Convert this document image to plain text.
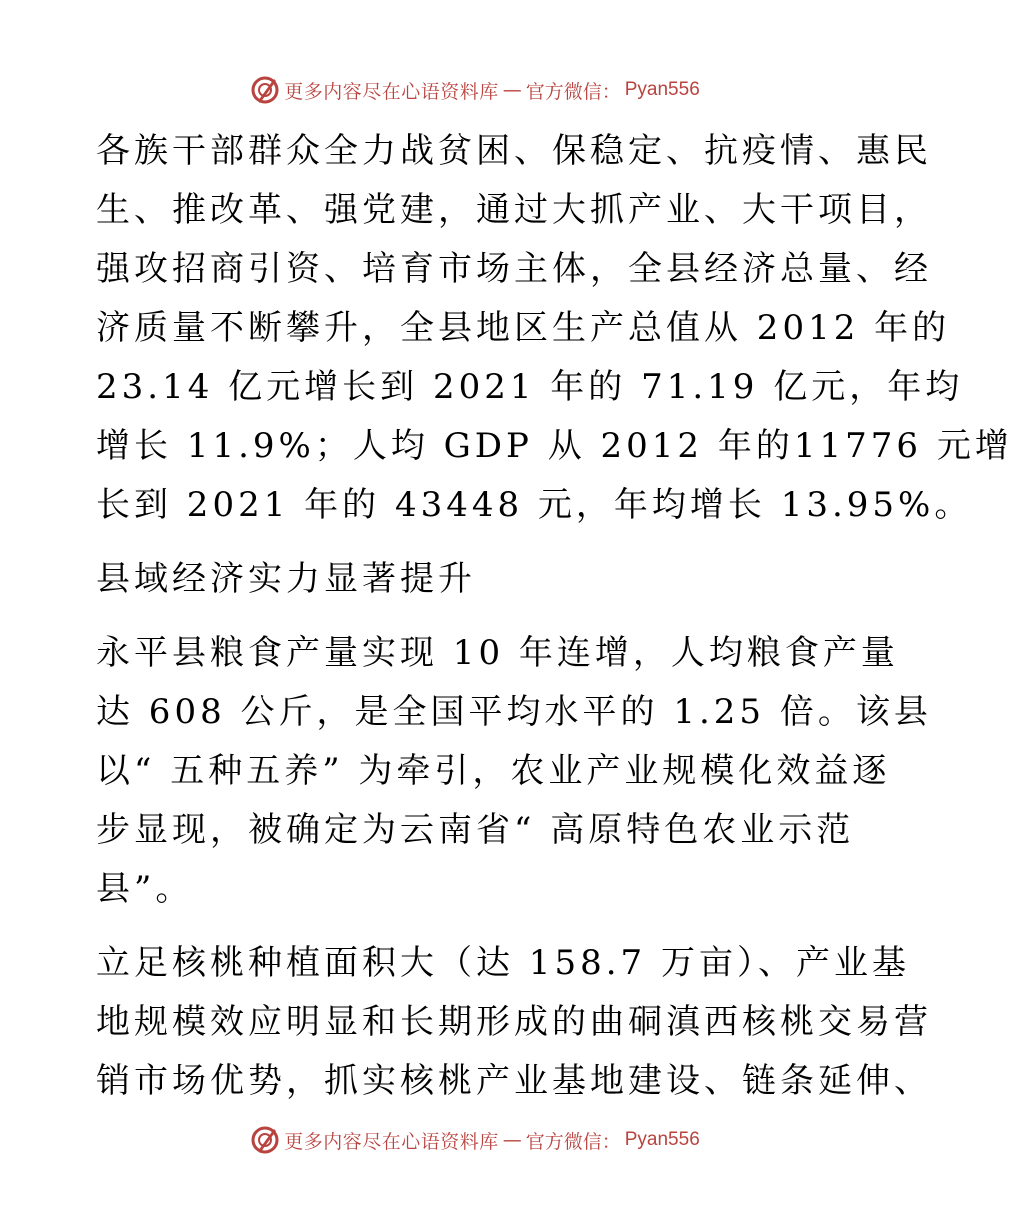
更多内容尽在心语资料库 — 官方微信： Pyan556
各族干部群众全力战贫困、保稳定、抗疫情、惠民
生、推改革、强党建，通过大抓产业、大干项目，
强攻招商引资、培育市场主体，全县经济总量、经
济质量不断攀升，全县地区生产总值从 2012 年的
23.14 亿元增长到 2021 年的 71.19 亿元，年均
增长 11.9%；人均 GDP 从 2012 年的11776 元增
长到 2021 年的 43448 元，年均增长 13.95%。
县域经济实力显著提升
永平县粮食产量实现 10 年连增，人均粮食产量
达 608 公斤，是全国平均水平的 1.25 倍。该县
以“ 五种五养” 为牵引，农业产业规模化效益逐
步显现，被确定为云南省“ 高原特色农业示范
县”。
立足核桃种植面积大（达 158.7 万亩）、产业基
地规模效应明显和长期形成的曲硐滇西核桃交易营
销市场优势，抓实核桃产业基地建设、链条延伸、
更多内容尽在心语资料库 — 官方微信： Pyan556
